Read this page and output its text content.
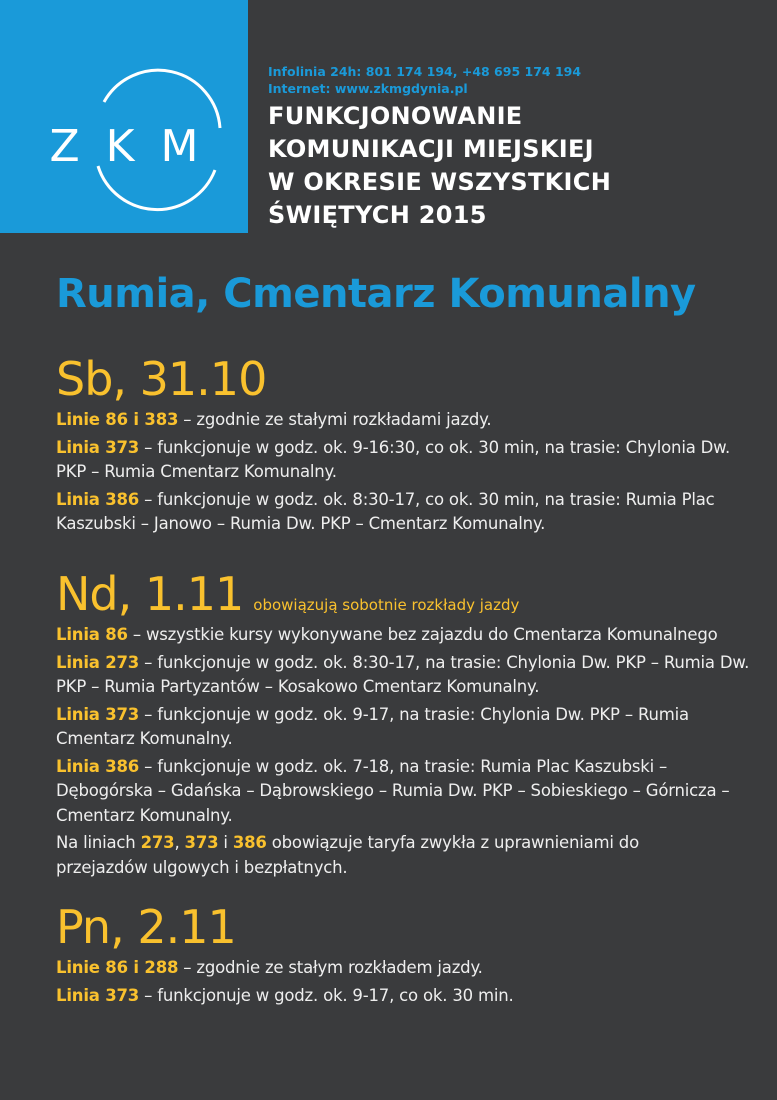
ZKM
Infolinia 24h: 801 174 194, +48 695 174 194
Internet: www.zkmgdynia.pl
FUNKCJONOWANIE
KOMUNIKACJI MIEJSKIEJ
W OKRESIE WSZYSTKICH
ŚWIĘTYCH 2015
Rumia, Cmentarz Komunalny
Sb, 31.10

Linie 86 i 383 – zgodnie ze stałymi rozkładami jazdy.

Linia 373 – funkcjonuje w godz. ok. 9-16:30, co ok. 30 min, na trasie: Chylonia Dw. PKP – Rumia Cmentarz Komunalny.

Linia 386 – funkcjonuje w godz. ok. 8:30-17, co ok. 30 min, na trasie: Rumia Plac Kaszubski – Janowo – Rumia Dw. PKP – Cmentarz Komunalny.

Nd, 1.11 obowiązują sobotnie rozkłady jazdy

Linia 86 – wszystkie kursy wykonywane bez zajazdu do Cmentarza Komunalnego

Linia 273 – funkcjonuje w godz. ok. 8:30-17, na trasie: Chylonia Dw. PKP – Rumia Dw. PKP – Rumia Partyzantów – Kosakowo Cmentarz Komunalny.

Linia 373 – funkcjonuje w godz. ok. 9-17, na trasie: Chylonia Dw. PKP – Rumia Cmentarz Komunalny.

Linia 386 – funkcjonuje w godz. ok. 7-18, na trasie: Rumia Plac Kaszubski – Dębogórska – Gdańska – Dąbrowskiego – Rumia Dw. PKP – Sobieskiego – Górnicza – Cmentarz Komunalny.

Na liniach 273, 373 i 386 obowiązuje taryfa zwykła z uprawnieniami do przejazdów ulgowych i bezpłatnych.

Pn, 2.11

Linie 86 i 288 – zgodnie ze stałym rozkładem jazdy.

Linia 373 – funkcjonuje w godz. ok. 9-17, co ok. 30 min.
